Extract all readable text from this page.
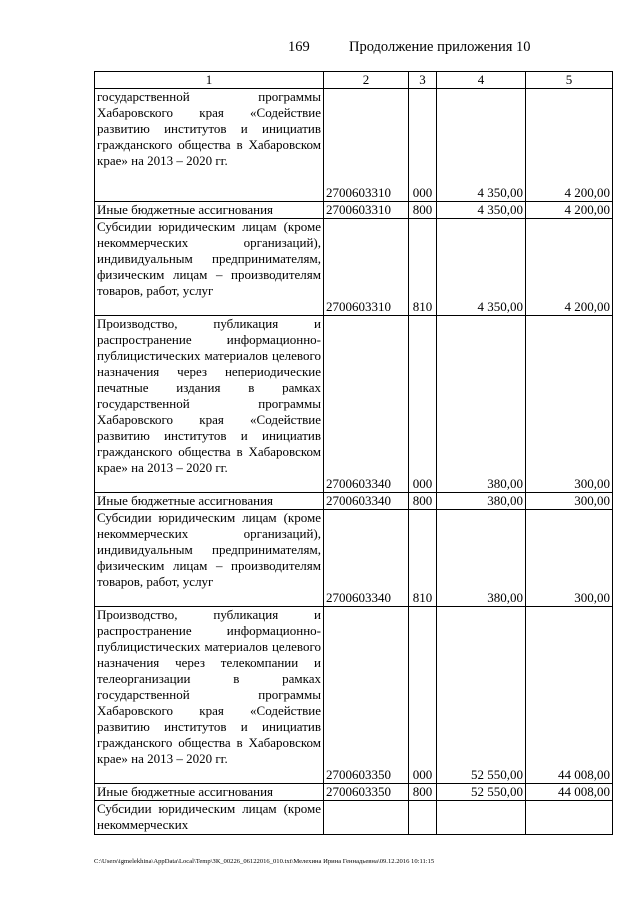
169	Продолжение приложения 10
1	2	3	4	5
государственной программы Хабаровского края «Содействие развитию институтов и инициатив гражданского общества в Хабаровском крае» на 2013 – 2020 гг.	2700603310	000	4 350,00	4 200,00
Иные бюджетные ассигнования	2700603310	800	4 350,00	4 200,00
Субсидии юридическим лицам (кроме некоммерческих организаций), индивидуальным предпринимателям, физическим лицам – производителям товаров, работ, услуг	2700603310	810	4 350,00	4 200,00
Производство, публикация и распространение информационно-публицистических материалов целевого назначения через непериодические печатные издания в рамках государственной программы Хабаровского края «Содействие развитию институтов и инициатив гражданского общества в Хабаровском крае» на 2013 – 2020 гг.	2700603340	000	380,00	300,00
Иные бюджетные ассигнования	2700603340	800	380,00	300,00
Субсидии юридическим лицам (кроме некоммерческих организаций), индивидуальным предпринимателям, физическим лицам – производителям товаров, работ, услуг	2700603340	810	380,00	300,00
Производство, публикация и распространение информационно-публицистических материалов целевого назначения через телекомпании и телеорганизации в рамках государственной программы Хабаровского края «Содействие развитию институтов и инициатив гражданского общества в Хабаровском крае» на 2013 – 2020 гг.	2700603350	000	52 550,00	44 008,00
Иные бюджетные ассигнования	2700603350	800	52 550,00	44 008,00
Субсидии юридическим лицам (кроме некоммерческих				
C:\Users\igmelekhina\AppData\Local\Temp\ЗК_00226_06122016_010.txt\Мелехина Ирина Геннадьевна\09.12.2016 10:11:15
